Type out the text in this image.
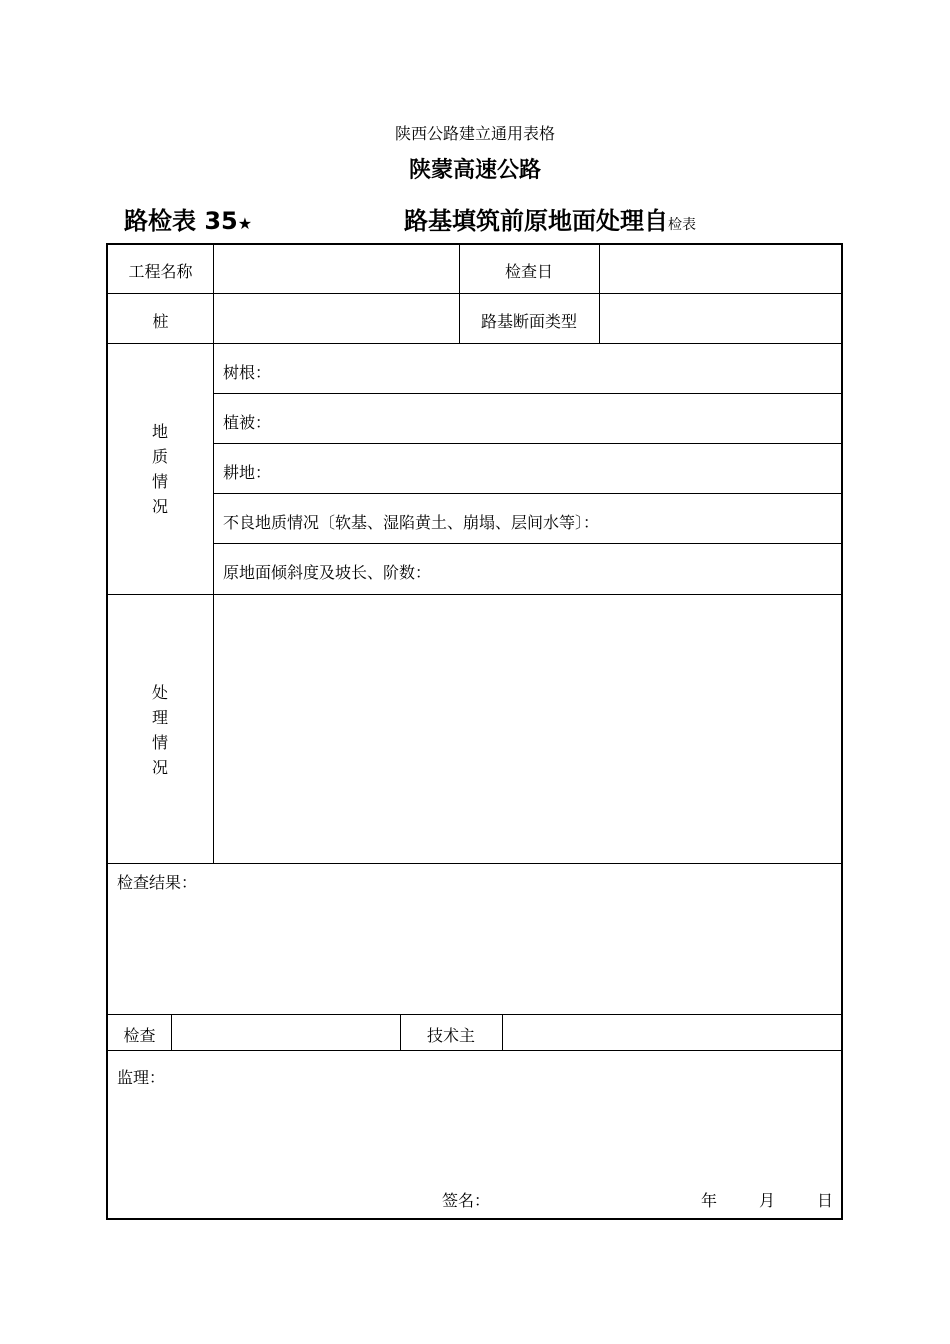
陕西公路建立通用表格
陕蒙高速公路
路检表 35★	路基填筑前原地面处理自检表
工程名称	检查日
桩	路基断面类型
地
质
情
况
树根：
植被：
耕地：
不良地质情况〔软基、湿陷黄土、崩塌、层间水等〕：
原地面倾斜度及坡长、阶数：
处
理
情
况
检查结果：
检查	技术主
监理：
签名：	年	月	日
